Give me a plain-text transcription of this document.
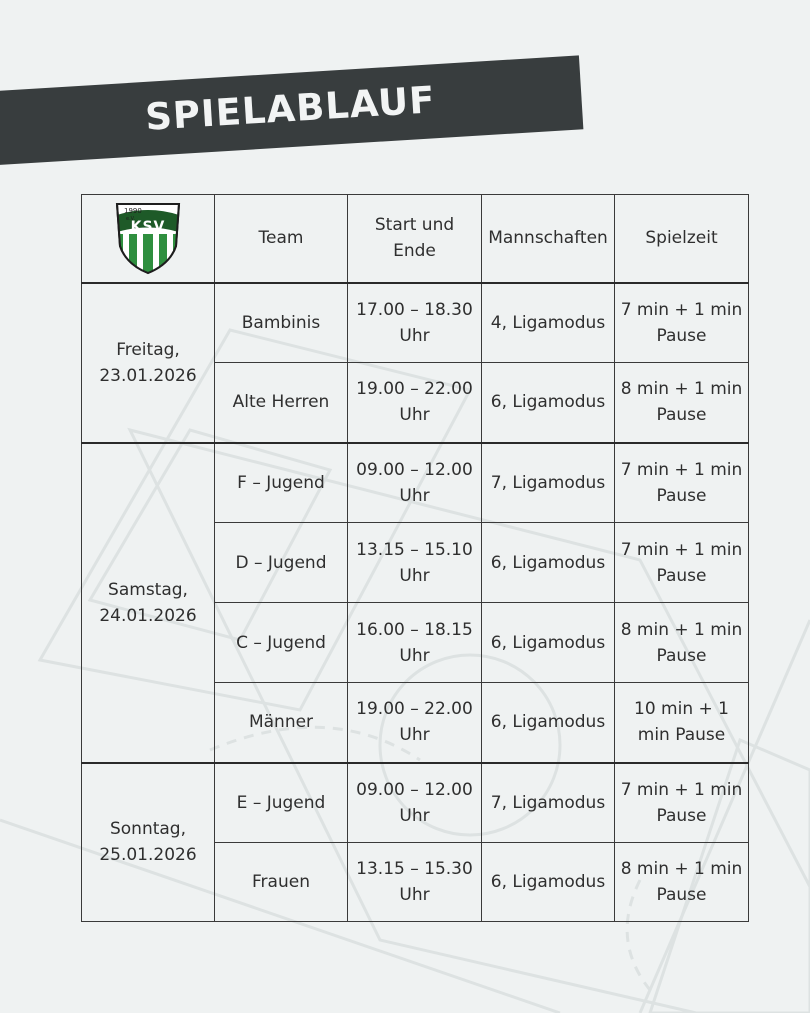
SPIELABLAUF
1990
e.V.
KSV	Team	Start und Ende	Mannschaften	Spielzeit
Freitag, 23.01.2026	Bambinis	17.00 – 18.30 Uhr	4, Ligamodus	7 min + 1 min Pause
	Alte Herren	19.00 – 22.00 Uhr	6, Ligamodus	8 min + 1 min Pause
Samstag, 24.01.2026	F – Jugend	09.00 – 12.00 Uhr	7, Ligamodus	7 min + 1 min Pause
	D – Jugend	13.15 – 15.10 Uhr	6, Ligamodus	7 min + 1 min Pause
	C – Jugend	16.00 – 18.15 Uhr	6, Ligamodus	8 min + 1 min Pause
	Männer	19.00 – 22.00 Uhr	6, Ligamodus	10 min + 1 min Pause
Sonntag, 25.01.2026	E – Jugend	09.00 – 12.00 Uhr	7, Ligamodus	7 min + 1 min Pause
	Frauen	13.15 – 15.30 Uhr	6, Ligamodus	8 min + 1 min Pause
